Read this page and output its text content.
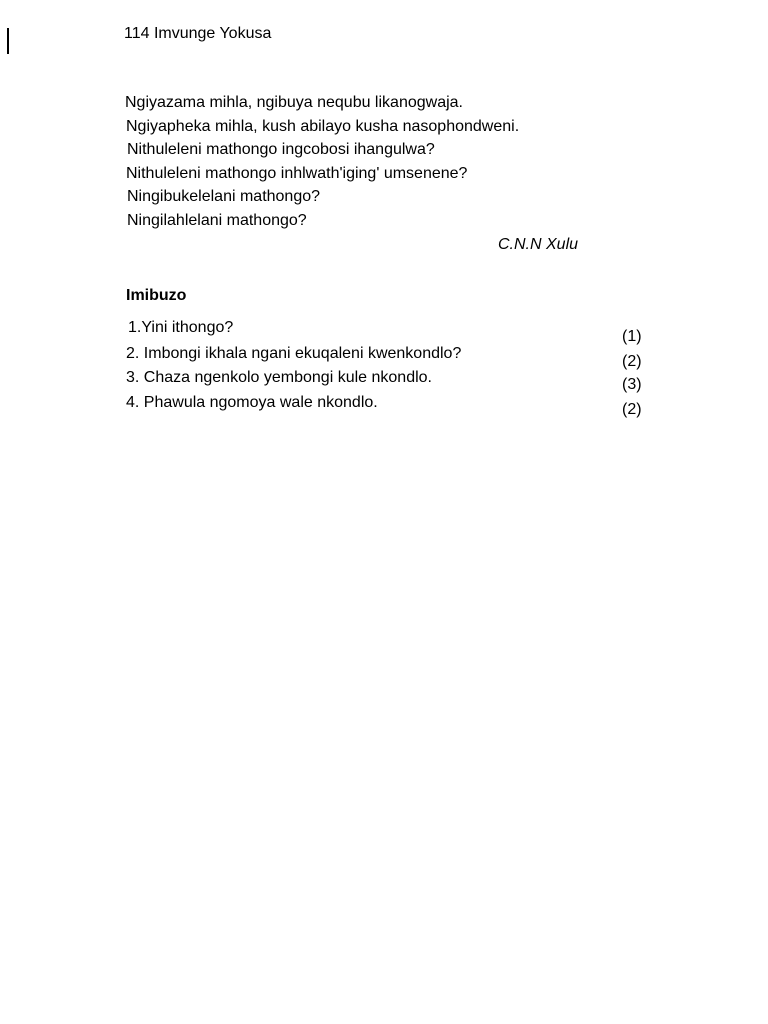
114 Imvunge Yokusa
Ngiyazama mihla, ngibuya nequbu likanogwaja.
Ngiyapheka mihla, kush abilayo kusha nasophondweni.
Nithuleleni mathongo ingcobosi ihangulwa?
Nithuleleni mathongo inhlwath'iging' umsenene?
Ningibukelelani mathongo?
Ningilahlelani mathongo?
C.N.N Xulu
Imibuzo
1.Yini ithongo?
2. Imbongi ikhala ngani ekuqaleni kwenkondlo?
3. Chaza ngenkolo yembongi kule nkondlo.
4. Phawula ngomoya wale nkondlo.
(1)
(2)
(3)
(2)
